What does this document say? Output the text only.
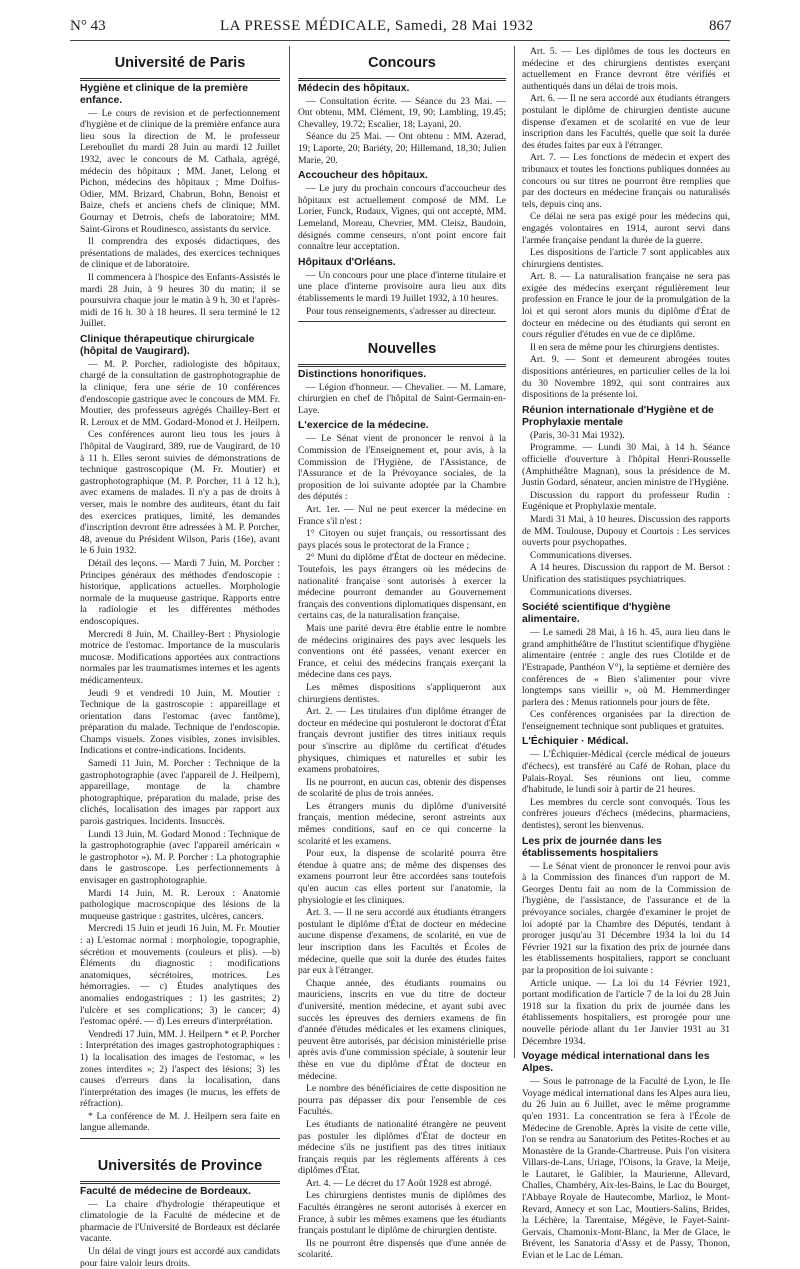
N° 43	LA PRESSE MÉDICALE, Samedi, 28 Mai 1932	867
Université de Paris
Hygiène et clinique de la première enfance.

— Le cours de revision et de perfectionnement d'hygiène et de clinique de la première enfance aura lieu sous la direction de M. le professeur Lereboullet du mardi 28 Juin au mardi 12 Juillet 1932, avec le concours de M. Cathala, agrégé, médecin des hôpitaux ; MM. Janet, Lelong et Pichon, médecins des hôpitaux ; Mme Dolfus-Odier, MM. Brizard, Chabrun, Bohn, Benoist et Baize, chefs et anciens chefs de clinique; MM. Gournay et Detrois, chefs de laboratoire; MM. Saint-Girons et Roudinesco, assistants du service.

Il comprendra des exposés didactiques, des présentations de malades, des exercices techniques de clinique et de laboratoire.

Il commencera à l'hospice des Enfants-Assistés le mardi 28 Juin, à 9 heures 30 du matin; il se poursuivra chaque jour le matin à 9 h. 30 et l'après-midi de 16 h. 30 à 18 heures. Il sera terminé le 12 Juillet.

Clinique thérapeutique chirurgicale (hôpital de Vaugirard).

— M. P. Porcher, radiologiste des hôpitaux, chargé de la consultation de gastrophotographie de la clinique, fera une série de 10 conférences d'endoscopie gastrique avec le concours de MM. Fr. Moutier, des professeurs agrégés Chailley-Bert et R. Leroux et de MM. Godard-Monod et J. Heilpern.

Ces conférences auront lieu tous les jours à l'hôpital de Vaugirard, 389, rue de Vaugirard, de 10 à 11 h. Elles seront suivies de démonstrations de technique gastroscopique (M. Fr. Moutier) et gastrophotographique (M. P. Porcher, 11 à 12 h.), avec examens de malades. Il n'y a pas de droits à verser, mais le nombre des auditeurs, étant du fait des exercices pratiques, limité, les demandes d'inscription devront être adressées à M. P. Porcher, 48, avenue du Président Wilson, Paris (16e), avant le 6 Juin 1932.

Détail des leçons. — Mardi 7 Juin, M. Porcher : Principes généraux des méthodes d'endoscopie : historique, applications actuelles. Morphologie normale de la muqueuse gastrique. Rapports entre la radiologie et les différentes méthodes endoscopiques.

Mercredi 8 Juin, M. Chailley-Bert : Physiologie motrice de l'estomac. Importance de la muscularis mucosæ. Modifications apportées aux contractions normales par les traumatismes internes et les agents médicamenteux.

Jeudi 9 et vendredi 10 Juin, M. Moutier : Technique de la gastroscopie : appareillage et orientation dans l'estomac (avec fantôme), préparation du malade. Technique de l'endoscopie. Champs visuels. Zones visibles, zones invisibles. Indications et contre-indications. Incidents.

Samedi 11 Juin, M. Porcher : Technique de la gastrophotographie (avec l'appareil de J. Heilpern), appareillage, montage de la chambre photographique, préparation du malade, prise des clichés, localisation des images par rapport aux parois gastriques. Incidents. Insuccès.

Lundi 13 Juin, M. Godard Monod : Technique de la gastrophotographie (avec l'appareil américain « le gastrophotor »). M. P. Porcher : La photographie dans le gastroscope. Les perfectionnements à envisager en gastrophotographie.

Mardi 14 Juin, M. R. Leroux : Anatomie pathologique macroscopique des lésions de la muqueuse gastrique : gastrites, ulcères, cancers.

Mercredi 15 Juin et jeudi 16 Juin, M. Fr. Moutier : a) L'estomac normal : morphologie, topographie, sécrétion et mouvements (couleurs et plis). —b) Éléments du diagnostic : modifications anatomiques, sécrétoires, motrices. Les hémorragies. — c) Études analytiques des anomalies endogastriques : 1) les gastrites; 2) l'ulcère et ses complications; 3) le cancer; 4) l'estomac opéré. — d) Les erreurs d'interprétation.

Vendredi 17 Juin, MM. J. Heilpern * et P. Porcher : Interprétation des images gastrophotographiques : 1) la localisation des images de l'estomac, « les zones interdites »; 2) l'aspect des lésions; 3) les causes d'erreurs dans la localisation, dans l'interprétation des images (le mucus, les effets de réfraction).

* La conférence de M. J. Heilpern sera faite en langue allemande.

Universités de Province
Faculté de médecine de Bordeaux.

— La chaire d'hydrologie thérapeutique et climatologie de la Faculté de médecine et de pharmacie de l'Université de Bordeaux est déclarée vacante.

Un délai de vingt jours est accordé aux candidats pour faire valoir leurs droits.

Concours
Médecin des hôpitaux.

— Consultation écrite. — Séance du 23 Mai. — Ont obtenu, MM. Clément, 19, 90; Lambling, 19.45; Chevalley, 19.72; Escalier, 18; Layani, 20.

Séance du 25 Mai. — Ont obtenu : MM. Azerad, 19; Laporte, 20; Bariéty, 20; Hillemand, 18,30; Julien Marie, 20.

Accoucheur des hôpitaux.

— Le jury du prochain concours d'accoucheur des hôpitaux est actuellement composé de MM. Le Lorier, Funck, Rudaux, Vignes, qui ont accepté, MM. Lemeland, Moreau, Chevrier, MM. Cleisz, Baudoin, désignés comme censeurs, n'ont point encore fait connaître leur acceptation.

Hôpitaux d'Orléans.

— Un concours pour une place d'interne titulaire et une place d'interne provisoire aura lieu aux dits établissements le mardi 19 Juillet 1932, à 10 heures.

Pour tous renseignements, s'adresser au directeur.

Nouvelles
Distinctions honorifiques.

— Légion d'honneur. — Chevalier. — M. Lamare, chirurgien en chef de l'hôpital de Saint-Germain-en-Laye.

L'exercice de la médecine.

— Le Sénat vient de prononcer le renvoi à la Commission de l'Enseignement et, pour avis, à la Commission de l'Hygiène, de l'Assistance, de l'Assurance et de la Prévoyance sociales, de la proposition de loi suivante adoptée par la Chambre des députés :

Art. 1er. — Nul ne peut exercer la médecine en France s'il n'est :

1° Citoyen ou sujet français, ou ressortissant des pays placés sous le protectorat de la France ;

2° Muni du diplôme d'État de docteur en médecine. Toutefois, les pays étrangers où les médecins de nationalité française sont autorisés à exercer la médecine pourront demander au Gouvernement français des conventions diplomatiques dispensant, en certains cas, de la naturalisation française.

Mais une parité devra être établie entre le nombre de médecins originaires des pays avec lesquels les conventions ont été passées, venant exercer en France, et celui des médecins français exerçant la médecine dans ces pays.

Les mêmes dispositions s'appliqueront aux chirurgiens dentistes.

Art. 2. — Les titulaires d'un diplôme étranger de docteur en médecine qui postuleront le doctorat d'État français devront justifier des titres initiaux requis pour s'inscrire au diplôme du certificat d'études physiques, chimiques et naturelles et subir les examens probatoires.

Ils ne pourront, en aucun cas, obtenir des dispenses de scolarité de plus de trois années.

Les étrangers munis du diplôme d'université français, mention médecine, seront astreints aux mêmes conditions, sauf en ce qui concerne la scolarité et les examens.

Pour eux, la dispense de scolarité pourra être étendue à quatre ans; de même des dispenses des examens pourront leur être accordées sans toutefois qu'en aucun cas elles portent sur l'anatomie, la physiologie et les cliniques.

Art. 3. — Il ne sera accordé aux étudiants étrangers postulant le diplôme d'État de docteur en médecine aucune dispense d'examens, de scolarité, en vue de leur inscription dans les Facultés et Écoles de médecine, quelle que soit la durée des études faites par eux à l'étranger.

Chaque année, des étudiants roumains ou mauriciens, inscrits en vue du titre de docteur d'université, mention médecine, et ayant subi avec succès les épreuves des derniers examens de fin d'année d'études médicales et les examens cliniques, peuvent être autorisés, par décision ministérielle prise après avis d'une commission spéciale, à soutenir leur thèse en vue du diplôme d'État de docteur en médecine.

Le nombre des bénéficiaires de cette disposition ne pourra pas dépasser dix pour l'ensemble de ces Facultés.

Les étudiants de nationalité étrangère ne peuvent pas postuler les diplômes d'État de docteur en médecine s'ils ne justifient pas des titres initiaux français requis par les règlements afférents à ces diplômes d'État.

Art. 4. — Le décret du 17 Août 1928 est abrogé.

Les chirurgiens dentistes munis de diplômes des Facultés étrangères ne seront autorisés à exercer en France, à subir les mêmes examens que les étudiants français postulant le diplôme de chirurgien dentiste.

Ils ne pourront être dispensés que d'une année de scolarité.

Art. 5. — Les diplômes de tous les docteurs en médecine et des chirurgiens dentistes exerçant actuellement en France devront être vérifiés et authentiqués dans un délai de trois mois.

Art. 6. — Il ne sera accordé aux étudiants étrangers postulant le diplôme de chirurgien dentiste aucune dispense d'examen et de scolarité en vue de leur inscription dans les Facultés, quelle que soit la durée des études faites par eux à l'étranger.

Art. 7. — Les fonctions de médecin et expert des tribunaux et toutes les fonctions publiques données au concours ou sur titres ne pourront être remplies que par des docteurs en médecine français ou naturalisés tels, depuis cinq ans.

Ce délai ne sera pas exigé pour les médecins qui, engagés volontaires en 1914, auront servi dans l'armée française pendant la durée de la guerre.

Les dispositions de l'article 7 sont applicables aux chirurgiens dentistes.

Art. 8. — La naturalisation française ne sera pas exigée des médecins exerçant régulièrement leur profession en France le jour de la promulgation de la loi et qui seront alors munis du diplôme d'État de docteur en médecine ou des étudiants qui seront en cours régulier d'études en vue de ce diplôme.

Il en sera de même pour les chirurgiens dentistes.

Art. 9. — Sont et demeurent abrogées toutes dispositions antérieures, en particulier celles de la loi du 30 Novembre 1892, qui sont contraires aux dispositions de la présente loi.

Réunion internationale d'Hygiène et de Prophylaxie mentale

(Paris, 30-31 Mai 1932).

Programme. — Lundi 30 Mai, à 14 h. Séance officielle d'ouverture à l'hôpital Henri-Rousselle (Amphithéâtre Magnan), sous la présidence de M. Justin Godard, sénateur, ancien ministre de l'Hygiène.

Discussion du rapport du professeur Rudin : Eugénique et Prophylaxie mentale.

Mardi 31 Mai, à 10 heures. Discussion des rapports de MM. Toulouse, Dupouy et Courtois : Les services ouverts pour psychopathes.

Communications diverses.

A 14 heures. Discussion du rapport de M. Bersot : Unification des statistiques psychiatriques.

Communications diverses.

Société scientifique d'hygiène alimentaire.

— Le samedi 28 Mai, à 16 h. 45, aura lieu dans le grand amphithéâtre de l'Institut scientifique d'hygiène alimentaire (entrée : angle des rues Clotilde et de l'Estrapade, Panthéon V°), la septième et dernière des conférences de « Bien s'alimenter pour vivre longtemps sans vieillir », où M. Hemmerdinger parlera des : Menus rationnels pour jours de fête.

Ces conférences organisées par la direction de l'enseignement technique sont publiques et gratuites.

L'Échiquier · Médical.

— L'Échiquier-Médical (cercle médical de joueurs d'échecs), est transféré au Café de Rohan, place du Palais-Royal. Ses réunions ont lieu, comme d'habitude, le lundi soir à partir de 21 heures.

Les membres du cercle sont convoqués. Tous les confrères joueurs d'échecs (médecins, pharmaciens, dentistes), seront les bienvenus.

Les prix de journée dans les établissements hospitaliers

— Le Sénat vient de prononcer le renvoi pour avis à la Commission des finances d'un rapport de M. Georges Dentu fait au nom de la Commission de l'hygiène, de l'assistance, de l'assurance et de la prévoyance sociales, chargée d'examiner le projet de loi adopté par la Chambre des Députés, tendant à proroger jusqu'au 31 Décembre 1934 la loi du 14 Février 1921 sur la fixation des prix de journée dans les établissements hospitaliers, rapport se concluant par la proposition de loi suivante :

Article unique. — La loi du 14 Février 1921, portant modification de l'article 7 de la loi du 28 Juin 1918 sur la fixation du prix de journée dans les établissements hospitaliers, est prorogée pour une nouvelle période allant du 1er Janvier 1931 au 31 Décembre 1934.

Voyage médical international dans les Alpes.

— Sous le patronage de la Faculté de Lyon, le IIe Voyage médical international dans les Alpes aura lieu, du 26 Juin au 6 Juillet, avec le même programme qu'en 1931. La concentration se fera à l'École de Médecine de Grenoble. Après la visite de cette ville, l'on se rendra au Sanatorium des Petites-Roches et au Monastère de la Grande-Chartreuse. Puis l'on visitera Villars-de-Lans, Uriage, l'Oisons, la Grave, la Meije, le Lautaret, le Galibier, la Maurienne, Allevard, Challes, Chambéry, Aix-les-Bains, le Lac du Bourget, l'Abbaye Royale de Hautecombe, Marlioz, le Mont-Revard, Annecy et son Lac, Moutiers-Salins, Brides, la Léchère, la Tarentaise, Mégève, le Fayet-Saint-Gervais, Chamonix-Mont-Blanc, la Mer de Glace, le Brévent, les Sanatoria d'Assy et de Passy, Thonon, Evian et le Lac de Léman.
